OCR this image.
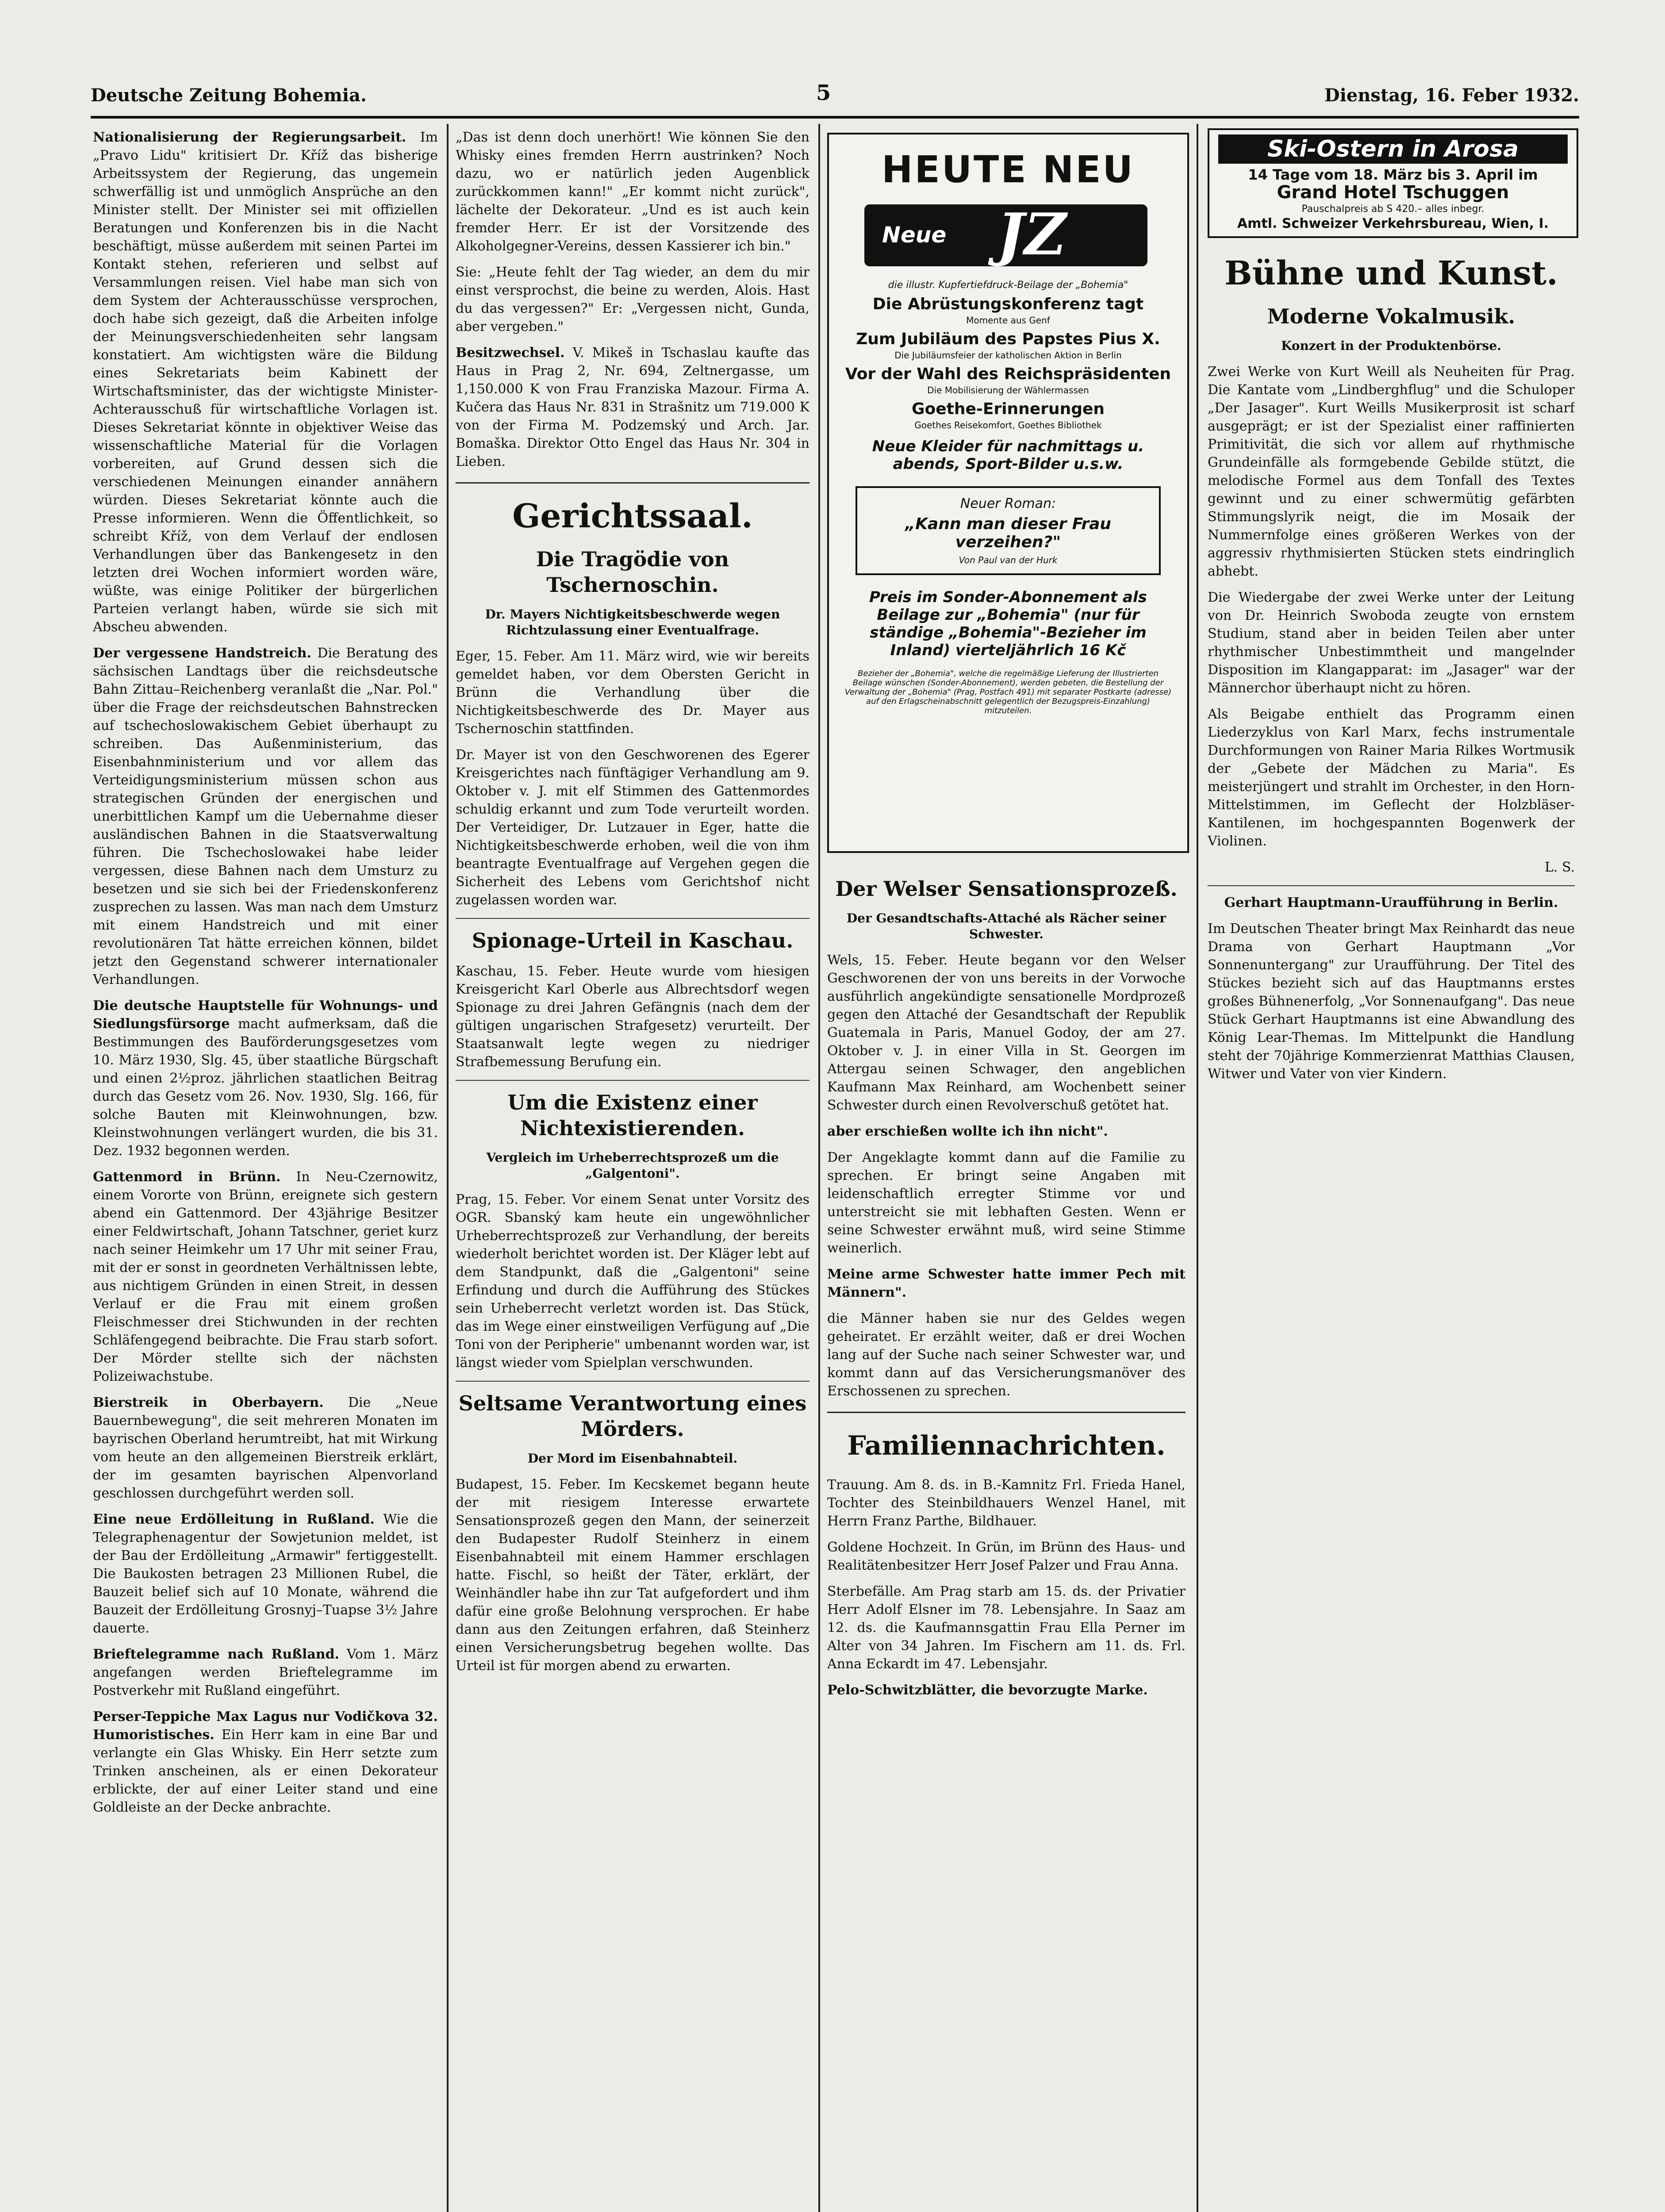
Deutsche Zeitung Bohemia.	5	Dienstag, 16. Feber 1932.

Nationalisierung der Regierungsarbeit. Im „Pravo Lidu" kritisiert Dr. Kříž das bisherige Arbeitssystem der Regierung, das ungemein schwerfällig ist und unmöglich Ansprüche an den Minister stellt. Der Minister sei mit offiziellen Beratungen und Konferenzen bis in die Nacht beschäftigt, müsse außerdem mit seinen Partei im Kontakt stehen, referieren und selbst auf Versammlungen reisen. Viel habe man sich von dem System der Achterausschüsse versprochen, doch habe sich gezeigt, daß die Arbeiten infolge der Meinungsverschiedenheiten sehr langsam konstatiert. Am wichtigsten wäre die Bildung eines Sekretariats beim Kabinett der Wirtschaftsminister, das der wichtigste Minister-Achterausschuß für wirtschaftliche Vorlagen ist. Dieses Sekretariat könnte in objektiver Weise das wissenschaftliche Material für die Vorlagen vorbereiten, auf Grund dessen sich die verschiedenen Meinungen einander annähern würden. Dieses Sekretariat könnte auch die Presse informieren. Wenn die Öffentlichkeit, so schreibt Kříž, von dem Verlauf der endlosen Verhandlungen über das Bankengesetz in den letzten drei Wochen informiert worden wäre, wüßte, was einige Politiker der bürgerlichen Parteien verlangt haben, würde sie sich mit Abscheu abwenden.

Der vergessene Handstreich. Die Beratung des sächsischen Landtags über die reichsdeutsche Bahn Zittau–Reichenberg veranlaßt die „Nar. Pol." über die Frage der reichsdeutschen Bahnstrecken auf tschechoslowakischem Gebiet überhaupt zu schreiben. Das Außenministerium, das Eisenbahnministerium und vor allem das Verteidigungsministerium müssen schon aus strategischen Gründen der energischen und unerbittlichen Kampf um die Uebernahme dieser ausländischen Bahnen in die Staatsverwaltung führen. Die Tschechoslowakei habe leider vergessen, diese Bahnen nach dem Umsturz zu besetzen und sie sich bei der Friedenskonferenz zusprechen zu lassen. Was man nach dem Umsturz mit einem Handstreich und mit einer revolutionären Tat hätte erreichen können, bildet jetzt den Gegenstand schwerer internationaler Verhandlungen.

Die deutsche Hauptstelle für Wohnungs- und Siedlungsfürsorge macht aufmerksam, daß die Bestimmungen des Bauförderungsgesetzes vom 10. März 1930, Slg. 45, über staatliche Bürgschaft und einen 2½proz. jährlichen staatlichen Beitrag durch das Gesetz vom 26. Nov. 1930, Slg. 166, für solche Bauten mit Kleinwohnungen, bzw. Kleinstwohnungen verlängert wurden, die bis 31. Dez. 1932 begonnen werden.

Gattenmord in Brünn. In Neu-Czernowitz, einem Vororte von Brünn, ereignete sich gestern abend ein Gattenmord. Der 43jährige Besitzer einer Feldwirtschaft, Johann Tatschner, geriet kurz nach seiner Heimkehr um 17 Uhr mit seiner Frau, mit der er sonst in geordneten Verhältnissen lebte, aus nichtigem Gründen in einen Streit, in dessen Verlauf er die Frau mit einem großen Fleischmesser drei Stichwunden in der rechten Schläfengegend beibrachte. Die Frau starb sofort. Der Mörder stellte sich der nächsten Polizeiwachstube.

Bierstreik in Oberbayern. Die „Neue Bauernbewegung", die seit mehreren Monaten im bayrischen Oberland herumtreibt, hat mit Wirkung vom heute an den allgemeinen Bierstreik erklärt, der im gesamten bayrischen Alpenvorland geschlossen durchgeführt werden soll.

Eine neue Erdölleitung in Rußland. Wie die Telegraphenagentur der Sowjetunion meldet, ist der Bau der Erdölleitung „Armawir" fertiggestellt. Die Baukosten betragen 23 Millionen Rubel, die Bauzeit belief sich auf 10 Monate, während die Bauzeit der Erdölleitung Grosnyj–Tuapse 3½ Jahre dauerte.

Brieftelegramme nach Rußland. Vom 1. März angefangen werden Brieftelegramme im Postverkehr mit Rußland eingeführt.

Perser-Teppiche Max Lagus nur Vodičkova 32. Humoristisches. Ein Herr kam in eine Bar und verlangte ein Glas Whisky. Ein Herr setzte zum Trinken anscheinen, als er einen Dekorateur erblickte, der auf einer Leiter stand und eine Goldleiste an der Decke anbrachte.

„Das ist denn doch unerhört! Wie können Sie den Whisky eines fremden Herrn austrinken? Noch dazu, wo er natürlich jeden Augenblick zurückkommen kann!" „Er kommt nicht zurück", lächelte der Dekorateur. „Und es ist auch kein fremder Herr. Er ist der Vorsitzende des Alkoholgegner-Vereins, dessen Kassierer ich bin."

Sie: „Heute fehlt der Tag wieder, an dem du mir einst versprochst, die beine zu werden, Alois. Hast du das vergessen?" Er: „Vergessen nicht, Gunda, aber vergeben."

Besitzwechsel. V. Mikeš in Tschaslau kaufte das Haus in Prag 2, Nr. 694, Zeltnergasse, um 1,150.000 K von Frau Franziska Mazour. Firma A. Kučera das Haus Nr. 831 in Strašnitz um 719.000 K von der Firma M. Podzemský und Arch. Jar. Bomaška. Direktor Otto Engel das Haus Nr. 304 in Lieben.

Gerichtssaal.
Die Tragödie von Tschernoschin.
Dr. Mayers Nichtigkeitsbeschwerde wegen Richtzulassung einer Eventualfrage.

Eger, 15. Feber. Am 11. März wird, wie wir bereits gemeldet haben, vor dem Obersten Gericht in Brünn die Verhandlung über die Nichtigkeitsbeschwerde des Dr. Mayer aus Tschernoschin stattfinden.

Dr. Mayer ist von den Geschworenen des Egerer Kreisgerichtes nach fünftägiger Verhandlung am 9. Oktober v. J. mit elf Stimmen des Gattenmordes schuldig erkannt und zum Tode verurteilt worden. Der Verteidiger, Dr. Lutzauer in Eger, hatte die Nichtigkeitsbeschwerde erhoben, weil die von ihm beantragte Eventualfrage auf Vergehen gegen die Sicherheit des Lebens vom Gerichtshof nicht zugelassen worden war.

Spionage-Urteil in Kaschau.

Kaschau, 15. Feber. Heute wurde vom hiesigen Kreisgericht Karl Oberle aus Albrechtsdorf wegen Spionage zu drei Jahren Gefängnis (nach dem der gültigen ungarischen Strafgesetz) verurteilt. Der Staatsanwalt legte wegen zu niedriger Strafbemessung Berufung ein.

Um die Existenz einer Nichtexistierenden.
Vergleich im Urheberrechtsprozeß um die „Galgentoni".

Prag, 15. Feber. Vor einem Senat unter Vorsitz des OGR. Sbanský kam heute ein ungewöhnlicher Urheberrechtsprozeß zur Verhandlung, der bereits wiederholt berichtet worden ist. Der Kläger lebt auf dem Standpunkt, daß die „Galgentoni" seine Erfindung und durch die Aufführung des Stückes sein Urheberrecht verletzt worden ist. Das Stück, das im Wege einer einstweiligen Verfügung auf „Die Toni von der Peripherie" umbenannt worden war, ist längst wieder vom Spielplan verschwunden.

Seltsame Verantwortung eines Mörders.
Der Mord im Eisenbahnabteil.

Budapest, 15. Feber. Im Kecskemet begann heute der mit riesigem Interesse erwartete Sensationsprozeß gegen den Mann, der seinerzeit den Budapester Rudolf Steinherz in einem Eisenbahnabteil mit einem Hammer erschlagen hatte. Fischl, so heißt der Täter, erklärt, der Weinhändler habe ihn zur Tat aufgefordert und ihm dafür eine große Belohnung versprochen. Er habe dann aus den Zeitungen erfahren, daß Steinherz einen Versicherungsbetrug begehen wollte. Das Urteil ist für morgen abend zu erwarten.

HEUTE NEU
Neue JZ
die illustr. Kupfertiefdruck-Beilage der „Bohemia"
Die Abrüstungskonferenz tagt
Momente aus Genf
Zum Jubiläum des Papstes Pius X.
Die Jubiläumsfeier der katholischen Aktion in Berlin
Vor der Wahl des Reichspräsidenten
Die Mobilisierung der Wählermassen
Goethe-Erinnerungen
Goethes Reisekomfort, Goethes Bibliothek
Neue Kleider für nachmittags u. abends, Sport-Bilder u.s.w.
Neuer Roman:
„Kann man dieser Frau verzeihen?"
Von Paul van der Hurk
Preis im Sonder-Abonnement als Beilage zur „Bohemia" (nur für ständige „Bohemia"-Bezieher im Inland) vierteljährlich 16 Kč
Bezieher der „Bohemia", welche die regelmäßige Lieferung der Illustrierten Beilage wünschen (Sonder-Abonnement), werden gebeten, die Bestellung der Verwaltung der „Bohemia" (Prag, Postfach 491) mit separater Postkarte (adresse) auf den Erlagscheinabschnitt gelegentlich der Bezugspreis-Einzahlung) mitzuteilen.
Der Welser Sensationsprozeß.
Der Gesandtschafts-Attaché als Rächer seiner Schwester.

Wels, 15. Feber. Heute begann vor den Welser Geschworenen der von uns bereits in der Vorwoche ausführlich angekündigte sensationelle Mordprozeß gegen den Attaché der Gesandtschaft der Republik Guatemala in Paris, Manuel Godoy, der am 27. Oktober v. J. in einer Villa in St. Georgen im Attergau seinen Schwager, den angeblichen Kaufmann Max Reinhard, am Wochenbett seiner Schwester durch einen Revolverschuß getötet hat.

aber erschießen wollte ich ihn nicht".

Der Angeklagte kommt dann auf die Familie zu sprechen. Er bringt seine Angaben mit leidenschaftlich erregter Stimme vor und unterstreicht sie mit lebhaften Gesten. Wenn er seine Schwester erwähnt muß, wird seine Stimme weinerlich.

Meine arme Schwester hatte immer Pech mit Männern".

die Männer haben sie nur des Geldes wegen geheiratet. Er erzählt weiter, daß er drei Wochen lang auf der Suche nach seiner Schwester war, und kommt dann auf das Versicherungsmanöver des Erschossenen zu sprechen.

Familiennachrichten.

Trauung. Am 8. ds. in B.-Kamnitz Frl. Frieda Hanel, Tochter des Steinbildhauers Wenzel Hanel, mit Herrn Franz Parthe, Bildhauer.

Goldene Hochzeit. In Grün, im Brünn des Haus- und Realitätenbesitzer Herr Josef Palzer und Frau Anna.

Sterbefälle. Am Prag starb am 15. ds. der Privatier Herr Adolf Elsner im 78. Lebensjahre. In Saaz am 12. ds. die Kaufmannsgattin Frau Ella Perner im Alter von 34 Jahren. Im Fischern am 11. ds. Frl. Anna Eckardt im 47. Lebensjahr.

Pelo-Schwitzblätter, die bevorzugte Marke.

Ski-Ostern in Arosa
14 Tage vom 18. März bis 3. April im
Grand Hotel Tschuggen
Pauschalpreis ab S 420.– alles inbegr.
Amtl. Schweizer Verkehrsbureau, Wien, I.
Bühne und Kunst.
Moderne Vokalmusik.
Konzert in der Produktenbörse.

Zwei Werke von Kurt Weill als Neuheiten für Prag. Die Kantate vom „Lindberghflug" und die Schuloper „Der Jasager". Kurt Weills Musikerprosit ist scharf ausgeprägt; er ist der Spezialist einer raffinierten Primitivität, die sich vor allem auf rhythmische Grundeinfälle als formgebende Gebilde stützt, die melodische Formel aus dem Tonfall des Textes gewinnt und zu einer schwermütig gefärbten Stimmungslyrik neigt, die im Mosaik der Nummernfolge eines größeren Werkes von der aggressiv rhythmisierten Stücken stets eindringlich abhebt.

Die Wiedergabe der zwei Werke unter der Leitung von Dr. Heinrich Swoboda zeugte von ernstem Studium, stand aber in beiden Teilen aber unter rhythmischer Unbestimmtheit und mangelnder Disposition im Klangapparat: im „Jasager" war der Männerchor überhaupt nicht zu hören.

Als Beigabe enthielt das Programm einen Liederzyklus von Karl Marx, fechs instrumentale Durchformungen von Rainer Maria Rilkes Wortmusik der „Gebete der Mädchen zu Maria". Es meisterjüngert und strahlt im Orchester, in den Horn-Mittelstimmen, im Geflecht der Holzbläser-Kantilenen, im hochgespannten Bogenwerk der Violinen.

L. S.

Gerhart Hauptmann-Uraufführung in Berlin.

Im Deutschen Theater bringt Max Reinhardt das neue Drama von Gerhart Hauptmann „Vor Sonnenuntergang" zur Uraufführung. Der Titel des Stückes bezieht sich auf das Hauptmanns erstes großes Bühnenerfolg, „Vor Sonnenaufgang". Das neue Stück Gerhart Hauptmanns ist eine Abwandlung des König Lear-Themas. Im Mittelpunkt die Handlung steht der 70jährige Kommerzienrat Matthias Clausen, Witwer und Vater von vier Kindern.
